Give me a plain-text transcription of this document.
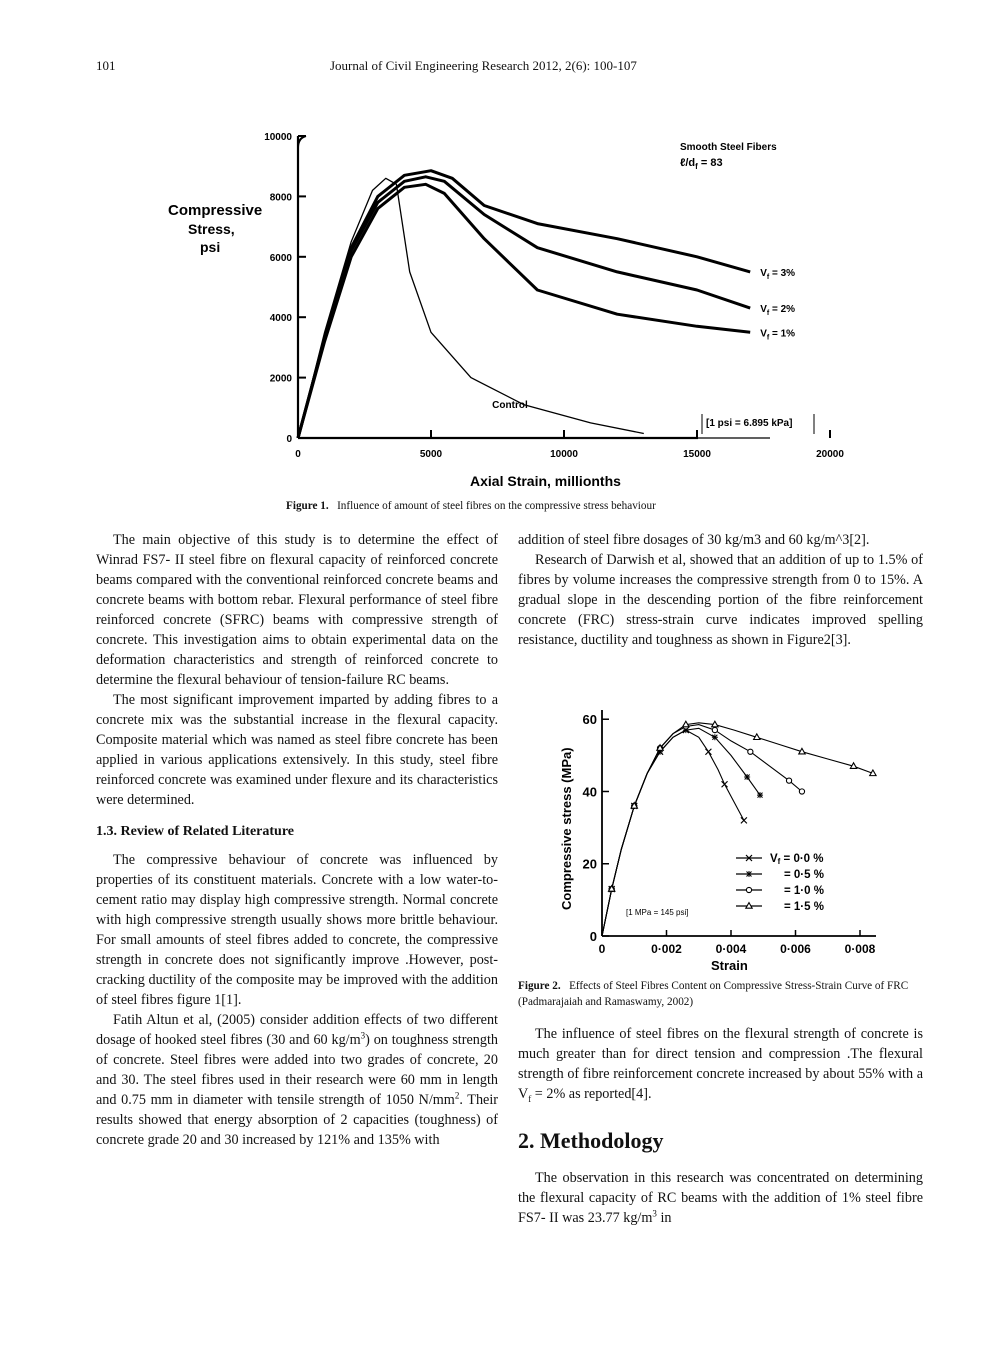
101	Journal of Civil Engineering Research 2012, 2(6): 100-107
0
2000
4000
6000
8000
10000
0	5000	10000	15000	20000
Compressive
Stress,
psi
Axial Strain, millionths
Smooth Steel Fibers
$\ell/d_f = 83$
[1 psi = 6.895 kPa]
Control
$V_f = 1\%$
$V_f = 2\%$
$V_f = 3\%$
Figure 1. Influence of amount of steel fibres on the compressive stress behaviour

The main objective of this study is to determine the effect of Winrad FS7- II steel fibre on flexural capacity of reinforced concrete beams compared with the conventional reinforced concrete beams and concrete beams with bottom rebar. Flexural performance of steel fibre reinforced concrete (SFRC) beams with compressive strength of concrete. This investigation aims to obtain experimental data on the deformation characteristics and strength of reinforced concrete to determine the flexural behaviour of tension-failure RC beams.

The most significant improvement imparted by adding fibres to a concrete mix was the substantial increase in the flexural capacity. Composite material which was named as steel fibre concrete has been applied in various applications extensively. In this study, steel fibre reinforced concrete was examined under flexure and its characteristics were determined.

1.3. Review of Related Literature

The compressive behaviour of concrete was influenced by properties of its constituent materials. Concrete with a low water-to-cement ratio may display high compressive strength. Normal concrete with high compressive strength usually shows more brittle behaviour. For small amounts of steel fibres added to concrete, the compressive strength in concrete does not significantly improve .However, post-cracking ductility of the composite may be improved with the addition of steel fibres figure 1[1].

Fatih Altun et al, (2005) consider addition effects of two different dosage of hooked steel fibres (30 and 60 $kg/m^3$) on toughness strength of concrete. Steel fibres were added into two grades of concrete, 20 and 30. The steel fibres used in their research were 60 mm in length and 0.75 mm in diameter with tensile strength of 1050 $N/mm^2$. Their results showed that energy absorption of 2 capacities (toughness) of concrete grade 20 and 30 increased by 121% and 135% with

addition of steel fibre dosages of 30 kg/m3 and 60 kg/m^3[2].

Research of Darwish et al, showed that an addition of up to 1.5% of fibres by volume increases the compressive strength from 0 to 15%. A gradual slope in the descending portion of the fibre reinforcement concrete (FRC) stress-strain curve indicates improved spelling resistance, ductility and toughness as shown in Figure2[3].

0
20
40
60
0	0·002	0·004	0·006	0·008
Compressive stress (MPa)
Strain
[1 MPa = 145 psi]
Vf = 0·0 %
= 0·5 %
= 1·0 %
= 1·5 %
Figure 2. Effects of Steel Fibres Content on Compressive Stress-Strain Curve of FRC (Padmarajaiah and Ramaswamy, 2002)

The influence of steel fibres on the flexural strength of concrete is much greater than for direct tension and compression .The flexural strength of fibre reinforcement concrete increased by about 55% with a $V_f = 2\%$ as reported[4].

2. Methodology

The observation in this research was concentrated on determining the flexural capacity of RC beams with the addition of 1% steel fibre FS7- II was 23.77 $kg/m^3$ in
